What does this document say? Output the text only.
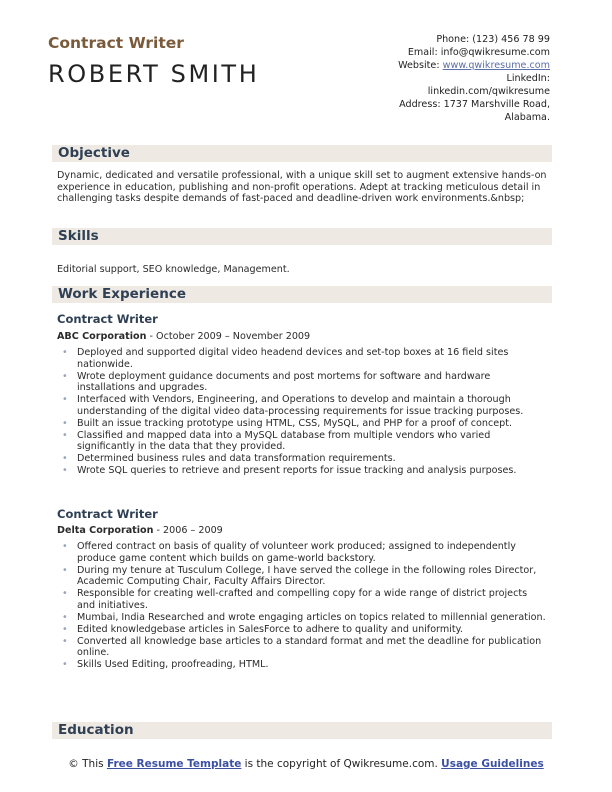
Contract Writer
ROBERT SMITH
Phone: (123) 456 78 99
Email: info@qwikresume.com
Website: www.qwikresume.com
LinkedIn:
linkedin.com/qwikresume
Address: 1737 Marshville Road,
Alabama.
Objective
Dynamic, dedicated and versatile professional, with a unique skill set to augment extensive hands-on experience in education, publishing and non-profit operations. Adept at tracking meticulous detail in challenging tasks despite demands of fast-paced and deadline-driven work environments.&nbsp;
Skills
Editorial support, SEO knowledge, Management.
Work Experience
Contract Writer
ABC Corporation - October 2009 – November 2009
• Deployed and supported digital video headend devices and set-top boxes at 16 field sites nationwide.
• Wrote deployment guidance documents and post mortems for software and hardware installations and upgrades.
• Interfaced with Vendors, Engineering, and Operations to develop and maintain a thorough understanding of the digital video data-processing requirements for issue tracking purposes.
• Built an issue tracking prototype using HTML, CSS, MySQL, and PHP for a proof of concept.
• Classified and mapped data into a MySQL database from multiple vendors who varied significantly in the data that they provided.
• Determined business rules and data transformation requirements.
• Wrote SQL queries to retrieve and present reports for issue tracking and analysis purposes.
Contract Writer
Delta Corporation - 2006 – 2009
• Offered contract on basis of quality of volunteer work produced; assigned to independently produce game content which builds on game-world backstory.
• During my tenure at Tusculum College, I have served the college in the following roles Director, Academic Computing Chair, Faculty Affairs Director.
• Responsible for creating well-crafted and compelling copy for a wide range of district projects and initiatives.
• Mumbai, India Researched and wrote engaging articles on topics related to millennial generation.
• Edited knowledgebase articles in SalesForce to adhere to quality and uniformity.
• Converted all knowledge base articles to a standard format and met the deadline for publication online.
• Skills Used Editing, proofreading, HTML.
Education
© This Free Resume Template is the copyright of Qwikresume.com. Usage Guidelines
